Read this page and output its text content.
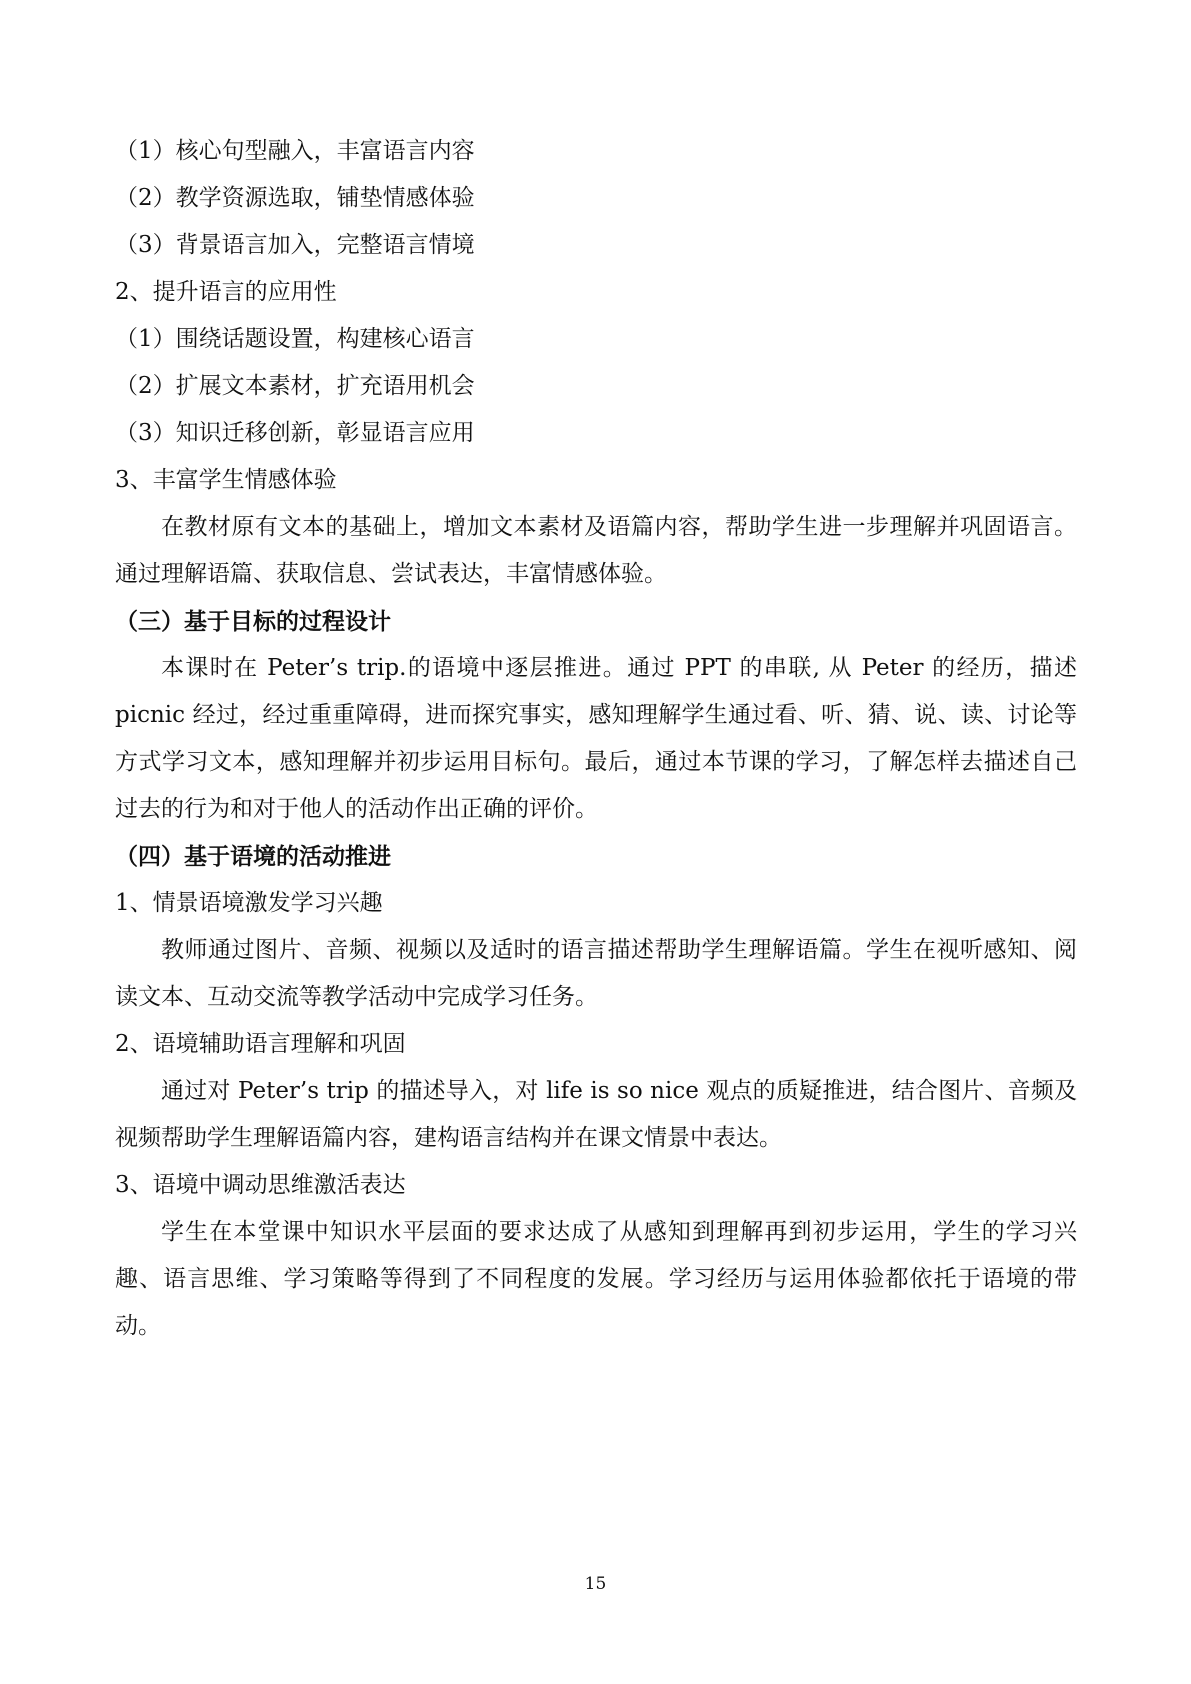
（1）核心句型融入，丰富语言内容
（2）教学资源选取，铺垫情感体验
（3）背景语言加入，完整语言情境
2、提升语言的应用性
（1）围绕话题设置，构建核心语言
（2）扩展文本素材，扩充语用机会
（3）知识迁移创新，彰显语言应用
3、丰富学生情感体验
在教材原有文本的基础上，增加文本素材及语篇内容，帮助学生进一步理解并巩固语言。通过理解语篇、获取信息、尝试表达，丰富情感体验。
（三）基于目标的过程设计
本课时在 Peter’s trip.的语境中逐层推进。通过 PPT 的串联, 从 Peter 的经历，描述 picnic 经过，经过重重障碍，进而探究事实，感知理解学生通过看、听、猜、说、读、讨论等方式学习文本，感知理解并初步运用目标句。最后，通过本节课的学习，了解怎样去描述自己过去的行为和对于他人的活动作出正确的评价。
（四）基于语境的活动推进
1、情景语境激发学习兴趣
教师通过图片、音频、视频以及适时的语言描述帮助学生理解语篇。学生在视听感知、阅读文本、互动交流等教学活动中完成学习任务。
2、语境辅助语言理解和巩固
通过对 Peter’s trip 的描述导入，对 life is so nice 观点的质疑推进，结合图片、音频及视频帮助学生理解语篇内容，建构语言结构并在课文情景中表达。
3、语境中调动思维激活表达
学生在本堂课中知识水平层面的要求达成了从感知到理解再到初步运用，学生的学习兴趣、语言思维、学习策略等得到了不同程度的发展。学习经历与运用体验都依托于语境的带动。
15
